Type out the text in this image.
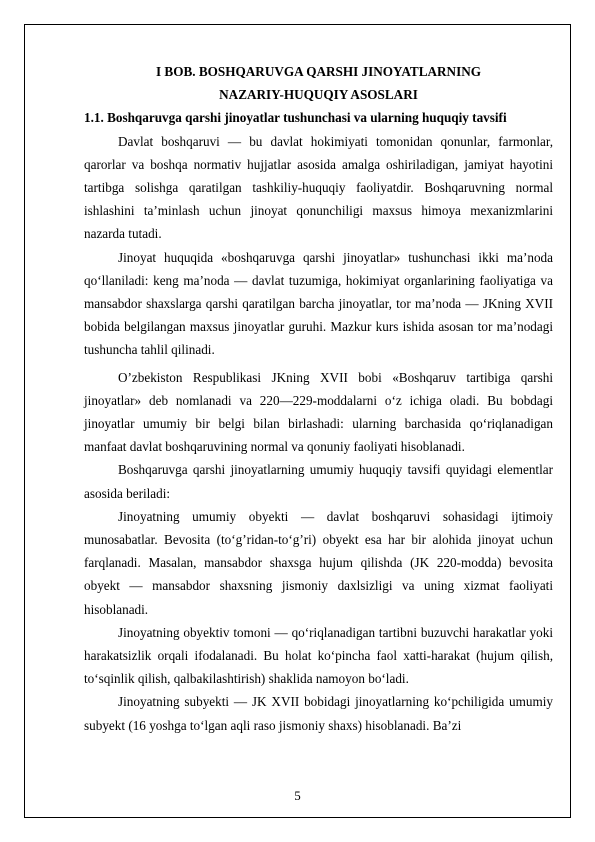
I BOB. BOSHQARUVGA QARSHI JINOYATLARNING

NAZARIY-HUQUQIY ASOSLARI

1.1. Boshqaruvga qarshi jinoyatlar tushunchasi va ularning huquqiy tavsifi

Davlat boshqaruvi — bu davlat hokimiyati tomonidan qonunlar, farmonlar, qarorlar va boshqa normativ hujjatlar asosida amalga oshiriladigan, jamiyat hayotini tartibga solishga qaratilgan tashkiliy-huquqiy faoliyatdir. Boshqaruvning normal ishlashini ta’minlash uchun jinoyat qonunchiligi maxsus himoya mexanizmlarini nazarda tutadi.

Jinoyat huquqida «boshqaruvga qarshi jinoyatlar» tushunchasi ikki ma’noda qo‘llaniladi: keng ma’noda — davlat tuzumiga, hokimiyat organlarining faoliyatiga va mansabdor shaxslarga qarshi qaratilgan barcha jinoyatlar, tor ma’noda — JKning XVII bobida belgilangan maxsus jinoyatlar guruhi. Mazkur kurs ishida asosan tor ma’nodagi tushuncha tahlil qilinadi.

O’zbekiston Respublikasi JKning XVII bobi «Boshqaruv tartibiga qarshi jinoyatlar» deb nomlanadi va 220—229-moddalarni o‘z ichiga oladi. Bu bobdagi jinoyatlar umumiy bir belgi bilan birlashadi: ularning barchasida qo‘riqlanadigan manfaat davlat boshqaruvining normal va qonuniy faoliyati hisoblanadi.

Boshqaruvga qarshi jinoyatlarning umumiy huquqiy tavsifi quyidagi elementlar asosida beriladi:

Jinoyatning umumiy obyekti — davlat boshqaruvi sohasidagi ijtimoiy munosabatlar. Bevosita (to‘g’ridan-to‘g’ri) obyekt esa har bir alohida jinoyat uchun farqlanadi. Masalan, mansabdor shaxsga hujum qilishda (JK 220-modda) bevosita obyekt — mansabdor shaxsning jismoniy daxlsizligi va uning xizmat faoliyati hisoblanadi.

Jinoyatning obyektiv tomoni — qo‘riqlanadigan tartibni buzuvchi harakatlar yoki harakatsizlik orqali ifodalanadi. Bu holat ko‘pincha faol xatti-harakat (hujum qilish, to‘sqinlik qilish, qalbakilashtirish) shaklida namoyon bo‘ladi.

Jinoyatning subyekti — JK XVII bobidagi jinoyatlarning ko‘pchiligida umumiy subyekt (16 yoshga to‘lgan aqli raso jismoniy shaxs) hisoblanadi. Ba’zi

5
